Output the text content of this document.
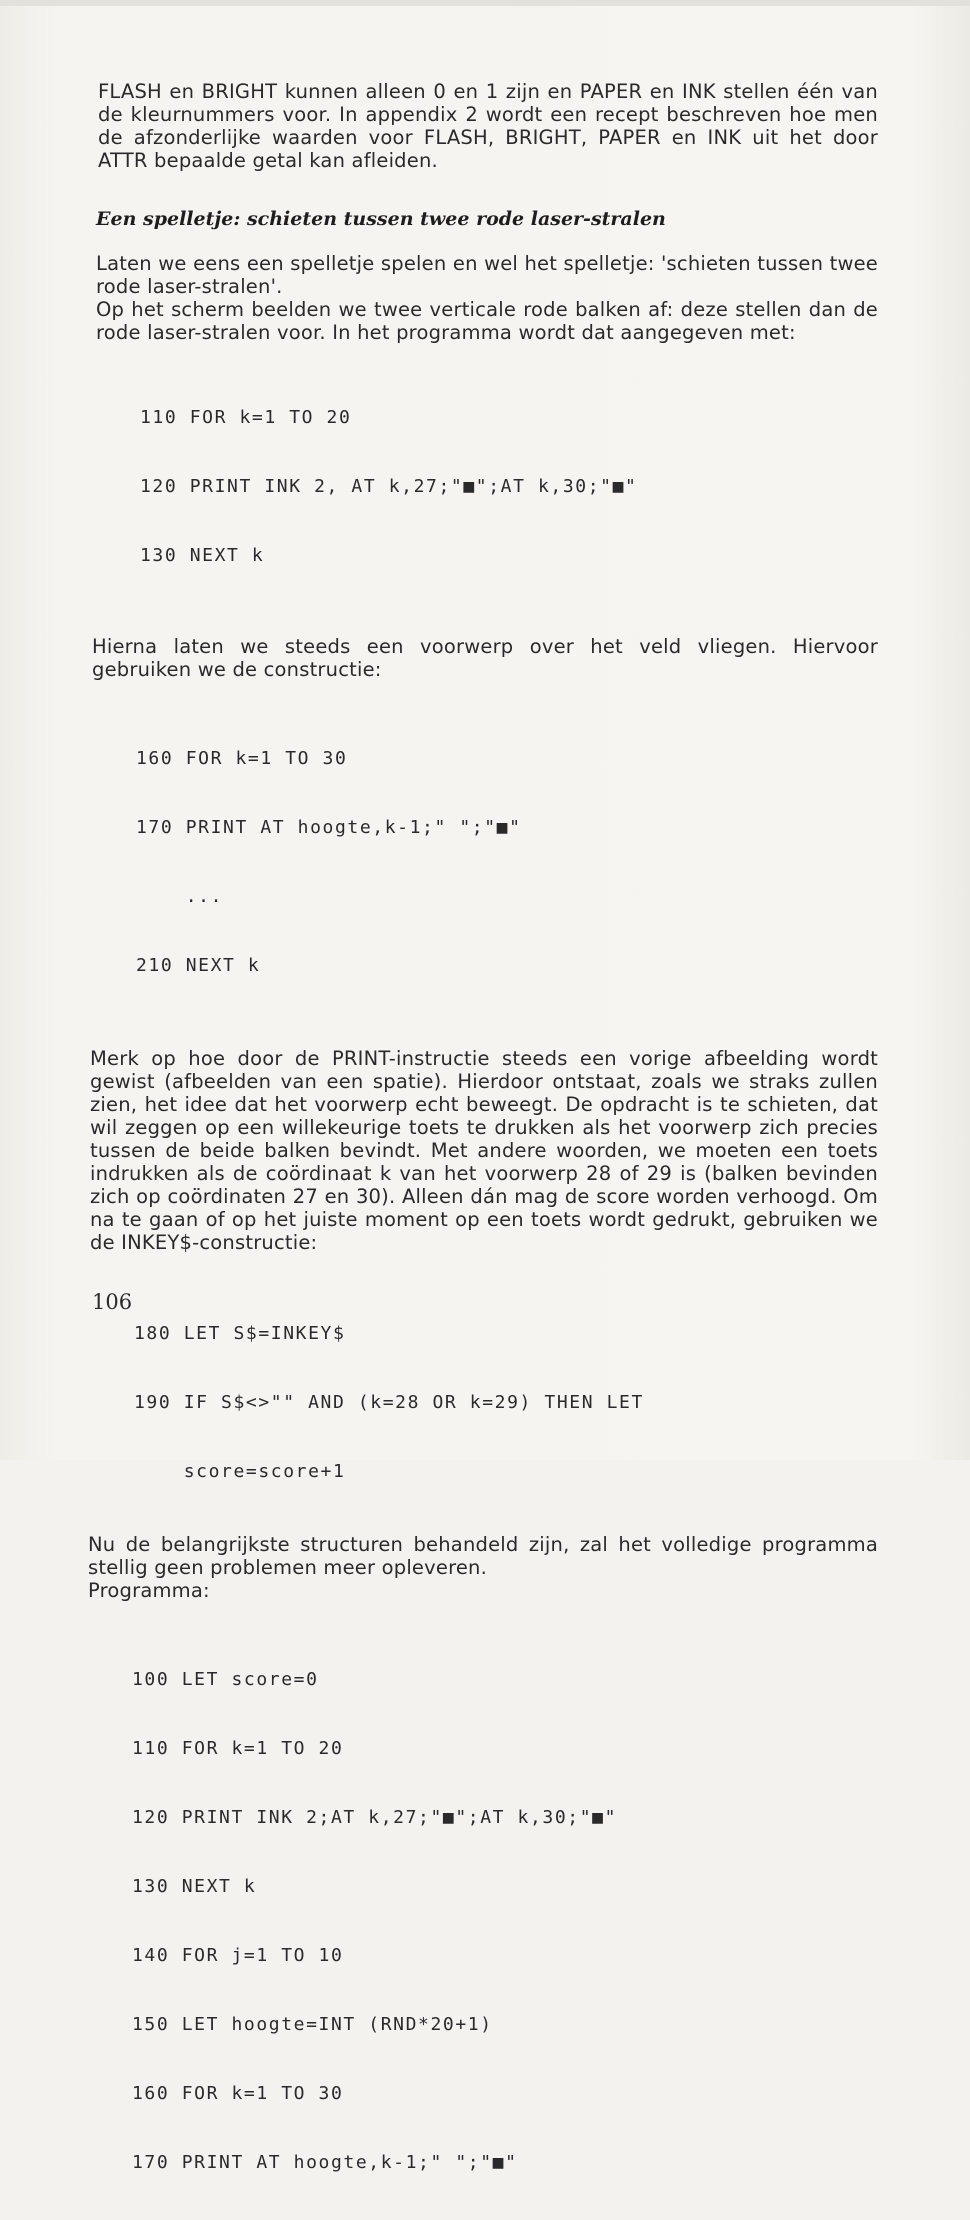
FLASH en BRIGHT kunnen alleen 0 en 1 zijn en PAPER en INK stellen één van de kleurnummers voor. In appendix 2 wordt een recept beschreven hoe men de afzonderlijke waarden voor FLASH, BRIGHT, PAPER en INK uit het door ATTR bepaalde getal kan afleiden.

Een spelletje: schieten tussen twee rode laser-stralen

Laten we eens een spelletje spelen en wel het spelletje: 'schieten tussen twee rode laser-stralen'.

Op het scherm beelden we twee verticale rode balken af: deze stellen dan de rode laser-stralen voor. In het programma wordt dat aangegeven met:

110 FOR k=1 TO 20

120 PRINT INK 2, AT k,27;"■";AT k,30;"■"

130 NEXT k

Hierna laten we steeds een voorwerp over het veld vliegen. Hiervoor gebruiken we de constructie:

160 FOR k=1 TO 30

170 PRINT AT hoogte,k-1;" ";"■"

...

210 NEXT k

Merk op hoe door de PRINT-instructie steeds een vorige afbeelding wordt gewist (afbeelden van een spatie). Hierdoor ontstaat, zoals we straks zullen zien, het idee dat het voorwerp echt beweegt. De opdracht is te schieten, dat wil zeggen op een willekeurige toets te drukken als het voorwerp zich precies tussen de beide balken bevindt. Met andere woorden, we moeten een toets indrukken als de coördinaat k van het voorwerp 28 of 29 is (balken bevinden zich op coördinaten 27 en 30). Alleen dán mag de score worden verhoogd. Om na te gaan of op het juiste moment op een toets wordt gedrukt, gebruiken we de INKEY$-constructie:

180 LET S$=INKEY$

190 IF S$<>"" AND (k=28 OR k=29) THEN LET

score=score+1

Nu de belangrijkste structuren behandeld zijn, zal het volledige programma stellig geen problemen meer opleveren.

Programma:

100 LET score=0

110 FOR k=1 TO 20

120 PRINT INK 2;AT k,27;"■";AT k,30;"■"

130 NEXT k

140 FOR j=1 TO 10

150 LET hoogte=INT (RND*20+1)

160 FOR k=1 TO 30

170 PRINT AT hoogte,k-1;" ";"■"

106
